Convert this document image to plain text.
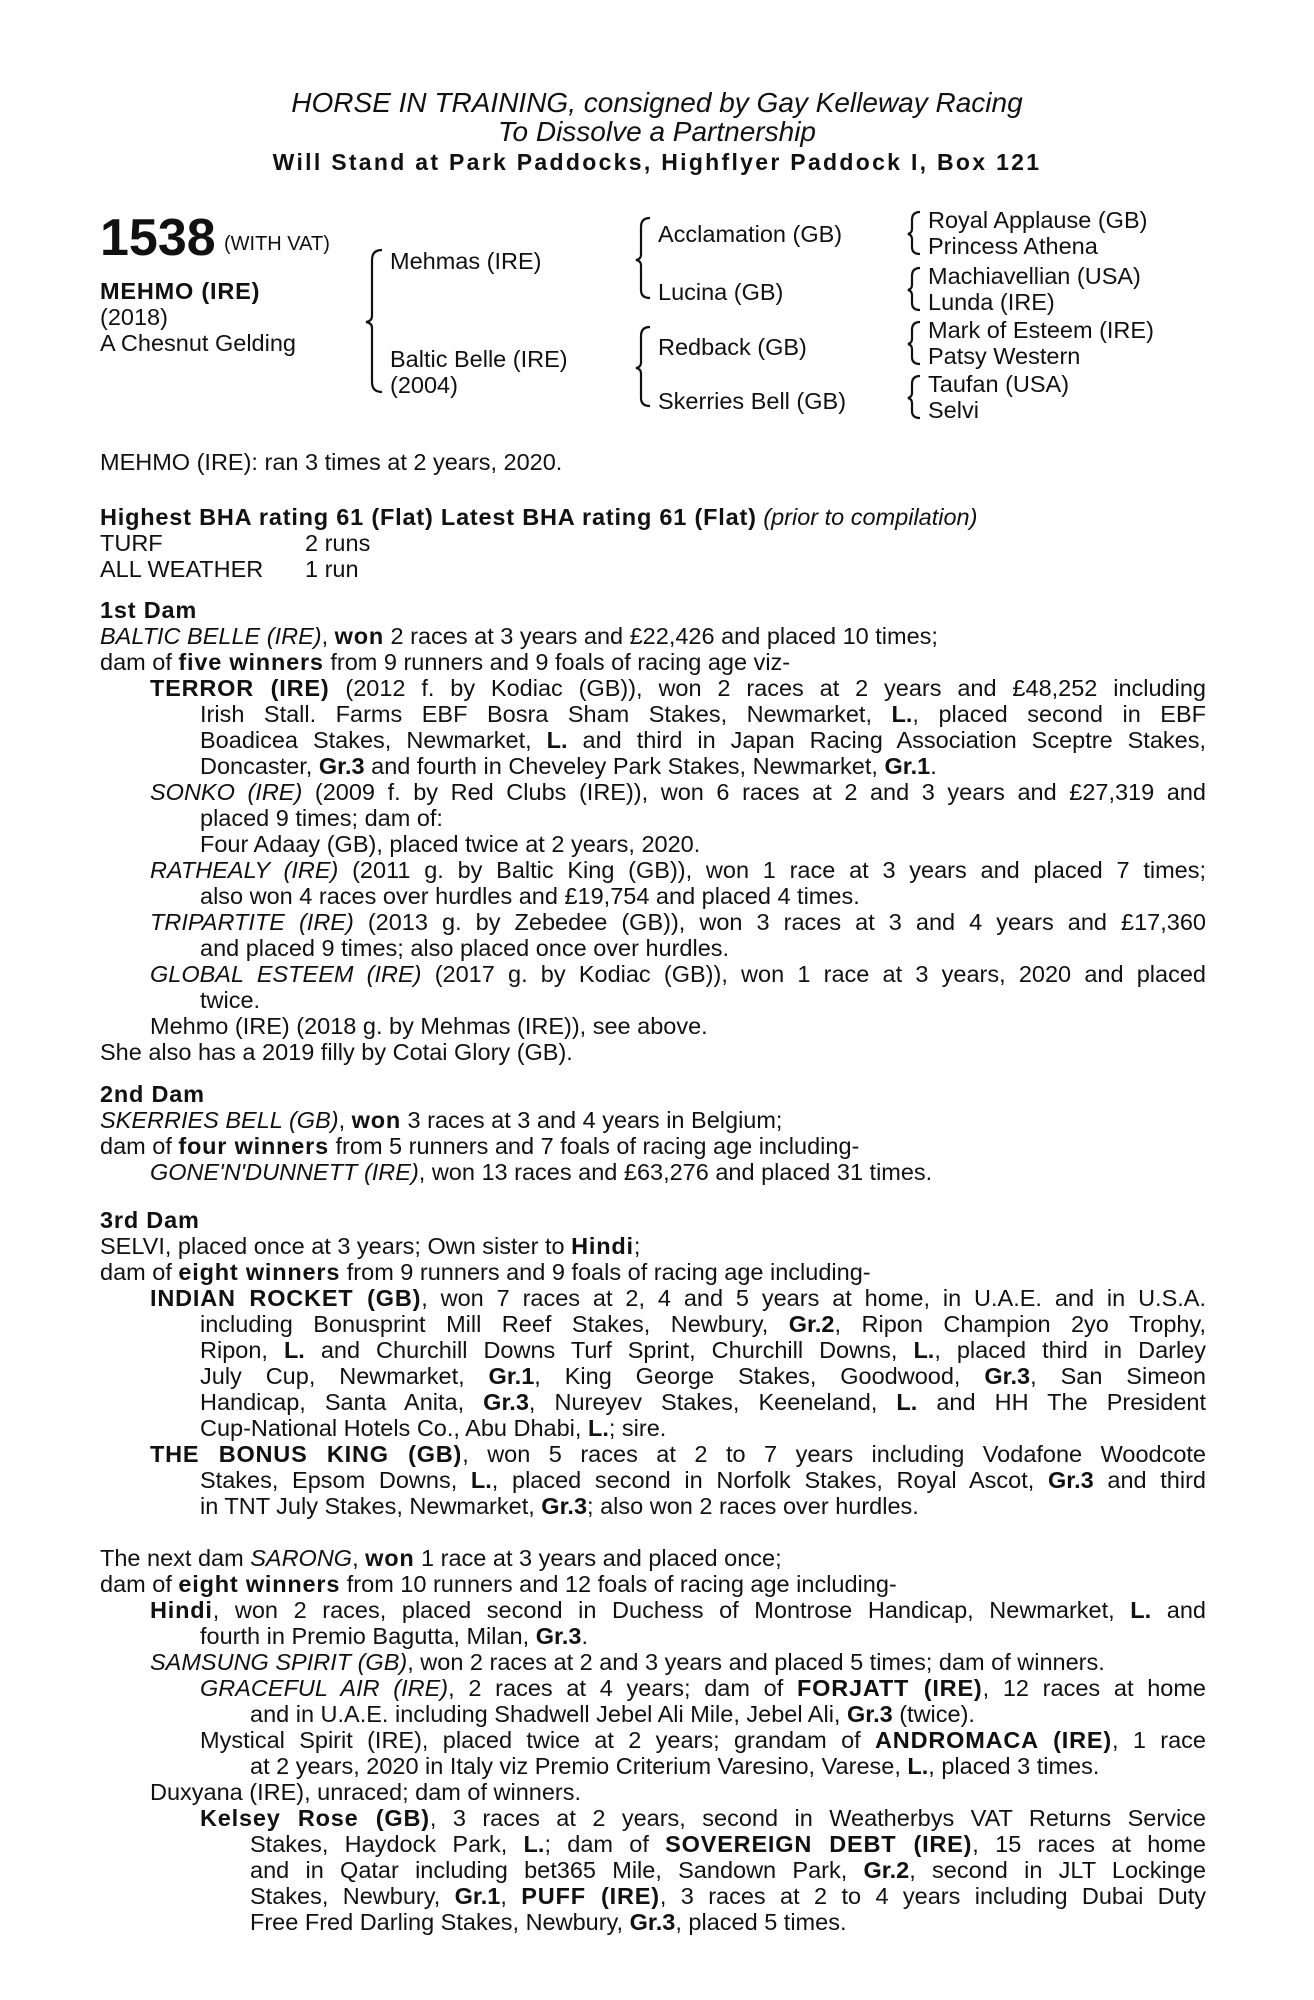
HORSE IN TRAINING, consigned by Gay Kelleway Racing
To Dissolve a Partnership
Will Stand at Park Paddocks, Highflyer Paddock I, Box 121
1538 (WITH VAT)
MEHMO (IRE)
(2018)
A Chesnut Gelding
Mehmas (IRE)
Baltic Belle (IRE)
(2004)
Acclamation (GB)
Lucina (GB)
Redback (GB)
Skerries Bell (GB)
Royal Applause (GB)
Princess Athena
Machiavellian (USA)
Lunda (IRE)
Mark of Esteem (IRE)
Patsy Western
Taufan (USA)
Selvi
MEHMO (IRE): ran 3 times at 2 years, 2020.
Highest BHA rating 61 (Flat) Latest BHA rating 61 (Flat) (prior to compilation)
TURF	2 runs
ALL WEATHER 1 run
1st Dam
BALTIC BELLE (IRE), won 2 races at 3 years and £22,426 and placed 10 times;
dam of five winners from 9 runners and 9 foals of racing age viz-
TERROR (IRE) (2012 f. by Kodiac (GB)), won 2 races at 2 years and £48,252 including
Irish Stall. Farms EBF Bosra Sham Stakes, Newmarket, L., placed second in EBF
Boadicea Stakes, Newmarket, L. and third in Japan Racing Association Sceptre Stakes,
Doncaster, Gr.3 and fourth in Cheveley Park Stakes, Newmarket, Gr.1.
SONKO (IRE) (2009 f. by Red Clubs (IRE)), won 6 races at 2 and 3 years and £27,319 and
placed 9 times; dam of:
Four Adaay (GB), placed twice at 2 years, 2020.
RATHEALY (IRE) (2011 g. by Baltic King (GB)), won 1 race at 3 years and placed 7 times;
also won 4 races over hurdles and £19,754 and placed 4 times.
TRIPARTITE (IRE) (2013 g. by Zebedee (GB)), won 3 races at 3 and 4 years and £17,360
and placed 9 times; also placed once over hurdles.
GLOBAL ESTEEM (IRE) (2017 g. by Kodiac (GB)), won 1 race at 3 years, 2020 and placed
twice.
Mehmo (IRE) (2018 g. by Mehmas (IRE)), see above.
She also has a 2019 filly by Cotai Glory (GB).
2nd Dam
SKERRIES BELL (GB), won 3 races at 3 and 4 years in Belgium;
dam of four winners from 5 runners and 7 foals of racing age including-
GONE'N'DUNNETT (IRE), won 13 races and £63,276 and placed 31 times.
3rd Dam
SELVI, placed once at 3 years; Own sister to Hindi;
dam of eight winners from 9 runners and 9 foals of racing age including-
INDIAN ROCKET (GB), won 7 races at 2, 4 and 5 years at home, in U.A.E. and in U.S.A.
including Bonusprint Mill Reef Stakes, Newbury, Gr.2, Ripon Champion 2yo Trophy,
Ripon, L. and Churchill Downs Turf Sprint, Churchill Downs, L., placed third in Darley
July Cup, Newmarket, Gr.1, King George Stakes, Goodwood, Gr.3, San Simeon
Handicap, Santa Anita, Gr.3, Nureyev Stakes, Keeneland, L. and HH The President
Cup-National Hotels Co., Abu Dhabi, L.; sire.
THE BONUS KING (GB), won 5 races at 2 to 7 years including Vodafone Woodcote
Stakes, Epsom Downs, L., placed second in Norfolk Stakes, Royal Ascot, Gr.3 and third
in TNT July Stakes, Newmarket, Gr.3; also won 2 races over hurdles.
The next dam SARONG, won 1 race at 3 years and placed once;
dam of eight winners from 10 runners and 12 foals of racing age including-
Hindi, won 2 races, placed second in Duchess of Montrose Handicap, Newmarket, L. and
fourth in Premio Bagutta, Milan, Gr.3.
SAMSUNG SPIRIT (GB), won 2 races at 2 and 3 years and placed 5 times; dam of winners.
GRACEFUL AIR (IRE), 2 races at 4 years; dam of FORJATT (IRE), 12 races at home
and in U.A.E. including Shadwell Jebel Ali Mile, Jebel Ali, Gr.3 (twice).
Mystical Spirit (IRE), placed twice at 2 years; grandam of ANDROMACA (IRE), 1 race
at 2 years, 2020 in Italy viz Premio Criterium Varesino, Varese, L., placed 3 times.
Duxyana (IRE), unraced; dam of winners.
Kelsey Rose (GB), 3 races at 2 years, second in Weatherbys VAT Returns Service
Stakes, Haydock Park, L.; dam of SOVEREIGN DEBT (IRE), 15 races at home
and in Qatar including bet365 Mile, Sandown Park, Gr.2, second in JLT Lockinge
Stakes, Newbury, Gr.1, PUFF (IRE), 3 races at 2 to 4 years including Dubai Duty
Free Fred Darling Stakes, Newbury, Gr.3, placed 5 times.
